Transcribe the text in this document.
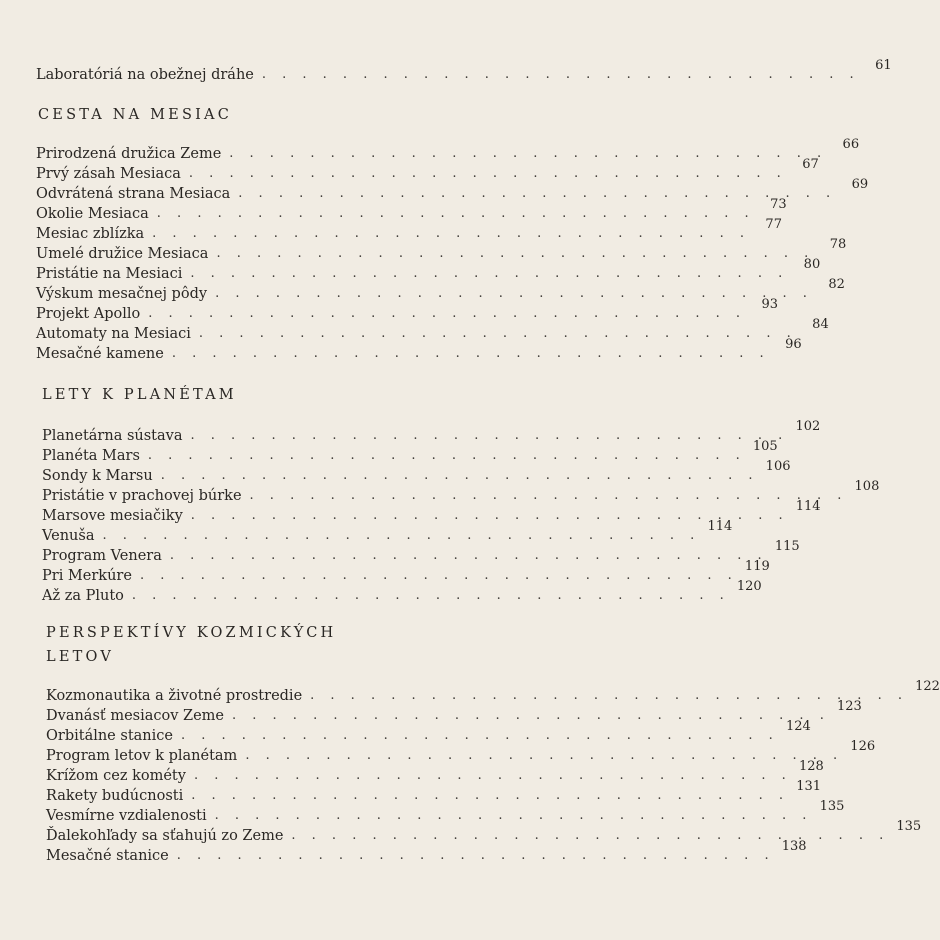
Laboratóriá na obežnej dráhe . . . . . . . . . . . . . . . . . . . . . . . . . . . . . .
61
CESTA NA MESIAC
Prirodzená družica Zeme . . . . . . . . . . . . . . . . . . . . . . . . . . . . . .
66
Prvý zásah Mesiaca . . . . . . . . . . . . . . . . . . . . . . . . . . . . . .
67
Odvrátená strana Mesiaca . . . . . . . . . . . . . . . . . . . . . . . . . . . . . .
69
Okolie Mesiaca . . . . . . . . . . . . . . . . . . . . . . . . . . . . . .
73
Mesiac zblízka . . . . . . . . . . . . . . . . . . . . . . . . . . . . . .
77
Umelé družice Mesiaca . . . . . . . . . . . . . . . . . . . . . . . . . . . . . .
78
Pristátie na Mesiaci . . . . . . . . . . . . . . . . . . . . . . . . . . . . . .
80
Výskum mesačnej pôdy . . . . . . . . . . . . . . . . . . . . . . . . . . . . . .
82
Projekt Apollo . . . . . . . . . . . . . . . . . . . . . . . . . . . . . .
93
Automaty na Mesiaci . . . . . . . . . . . . . . . . . . . . . . . . . . . . . .
84
Mesačné kamene . . . . . . . . . . . . . . . . . . . . . . . . . . . . . .
96
LETY K PLANÉTAM
Planetárna sústava . . . . . . . . . . . . . . . . . . . . . . . . . . . . . .
102
Planéta Mars . . . . . . . . . . . . . . . . . . . . . . . . . . . . . .
105
Sondy k Marsu . . . . . . . . . . . . . . . . . . . . . . . . . . . . . .
106
Pristátie v prachovej búrke . . . . . . . . . . . . . . . . . . . . . . . . . . . . . .
108
Marsove mesiačiky . . . . . . . . . . . . . . . . . . . . . . . . . . . . . .
114
Venuša . . . . . . . . . . . . . . . . . . . . . . . . . . . . . .
114
Program Venera . . . . . . . . . . . . . . . . . . . . . . . . . . . . . .
115
Pri Merkúre . . . . . . . . . . . . . . . . . . . . . . . . . . . . . .
119
Až za Pluto . . . . . . . . . . . . . . . . . . . . . . . . . . . . . .
120
PERSPEKTÍVY KOZMICKÝCH
LETOV
Kozmonautika a životné prostredie . . . . . . . . . . . . . . . . . . . . . . . . . . . . . .
122
Dvanásť mesiacov Zeme . . . . . . . . . . . . . . . . . . . . . . . . . . . . . .
123
Orbitálne stanice . . . . . . . . . . . . . . . . . . . . . . . . . . . . . .
124
Program letov k planétam . . . . . . . . . . . . . . . . . . . . . . . . . . . . . .
126
Krížom cez kométy . . . . . . . . . . . . . . . . . . . . . . . . . . . . . .
128
Rakety budúcnosti . . . . . . . . . . . . . . . . . . . . . . . . . . . . . .
131
Vesmírne vzdialenosti . . . . . . . . . . . . . . . . . . . . . . . . . . . . . .
135
Ďalekohľady sa sťahujú zo Zeme . . . . . . . . . . . . . . . . . . . . . . . . . . . . . .
135
Mesačné stanice . . . . . . . . . . . . . . . . . . . . . . . . . . . . . .
138
